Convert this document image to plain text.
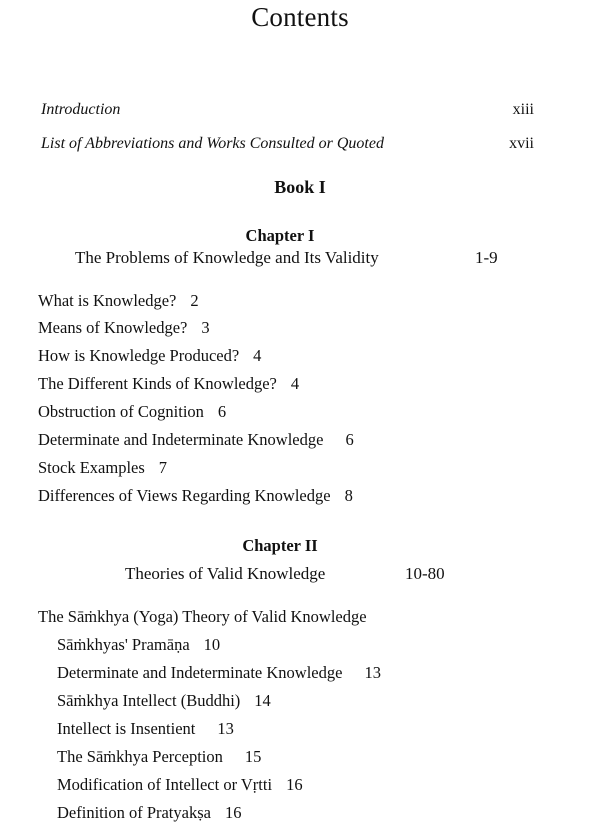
Contents
Introduction	xiii
List of Abbreviations and Works Consulted or Quoted	xvii
Book I
Chapter I
The Problems of Knowledge and Its Validity	1-9
What is Knowledge? 2
Means of Knowledge? 3
How is Knowledge Produced? 4
The Different Kinds of Knowledge? 4
Obstruction of Cognition 6
Determinate and Indeterminate Knowledge 6
Stock Examples 7
Differences of Views Regarding Knowledge 8
Chapter II
Theories of Valid Knowledge	10-80
The Sāṁkhya (Yoga) Theory of Valid Knowledge
Sāṁkhyas' Pramāṇa 10
Determinate and Indeterminate Knowledge 13
Sāṁkhya Intellect (Buddhi) 14
Intellect is Insentient 13
The Sāṁkhya Perception 15
Modification of Intellect or Vṛtti 16
Definition of Pratyakṣa 16
